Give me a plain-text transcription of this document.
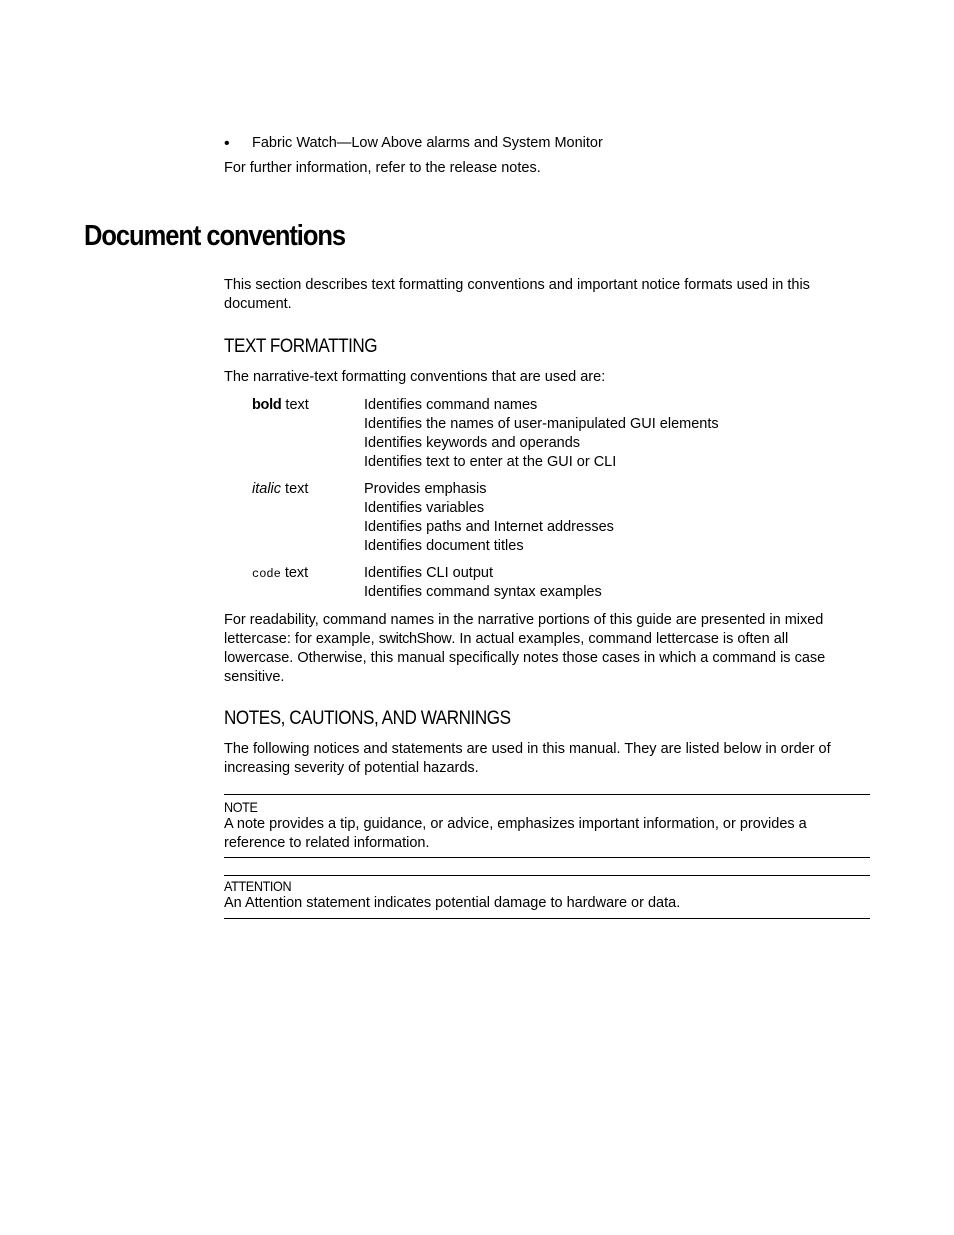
• Fabric Watch—Low Above alarms and System Monitor
For further information, refer to the release notes.
Document conventions
This section describes text formatting conventions and important notice formats used in this document.
TEXT FORMATTING
The narrative-text formatting conventions that are used are:
bold text	Identifies command names
Identifies the names of user-manipulated GUI elements
Identifies keywords and operands
Identifies text to enter at the GUI or CLI
italic text	Provides emphasis
Identifies variables
Identifies paths and Internet addresses
Identifies document titles
code text	Identifies CLI output
Identifies command syntax examples
For readability, command names in the narrative portions of this guide are presented in mixed lettercase: for example, switchShow. In actual examples, command lettercase is often all lowercase. Otherwise, this manual specifically notes those cases in which a command is case sensitive.
NOTES, CAUTIONS, AND WARNINGS
The following notices and statements are used in this manual. They are listed below in order of increasing severity of potential hazards.
NOTE
A note provides a tip, guidance, or advice, emphasizes important information, or provides a reference to related information.
ATTENTION
An Attention statement indicates potential damage to hardware or data.
